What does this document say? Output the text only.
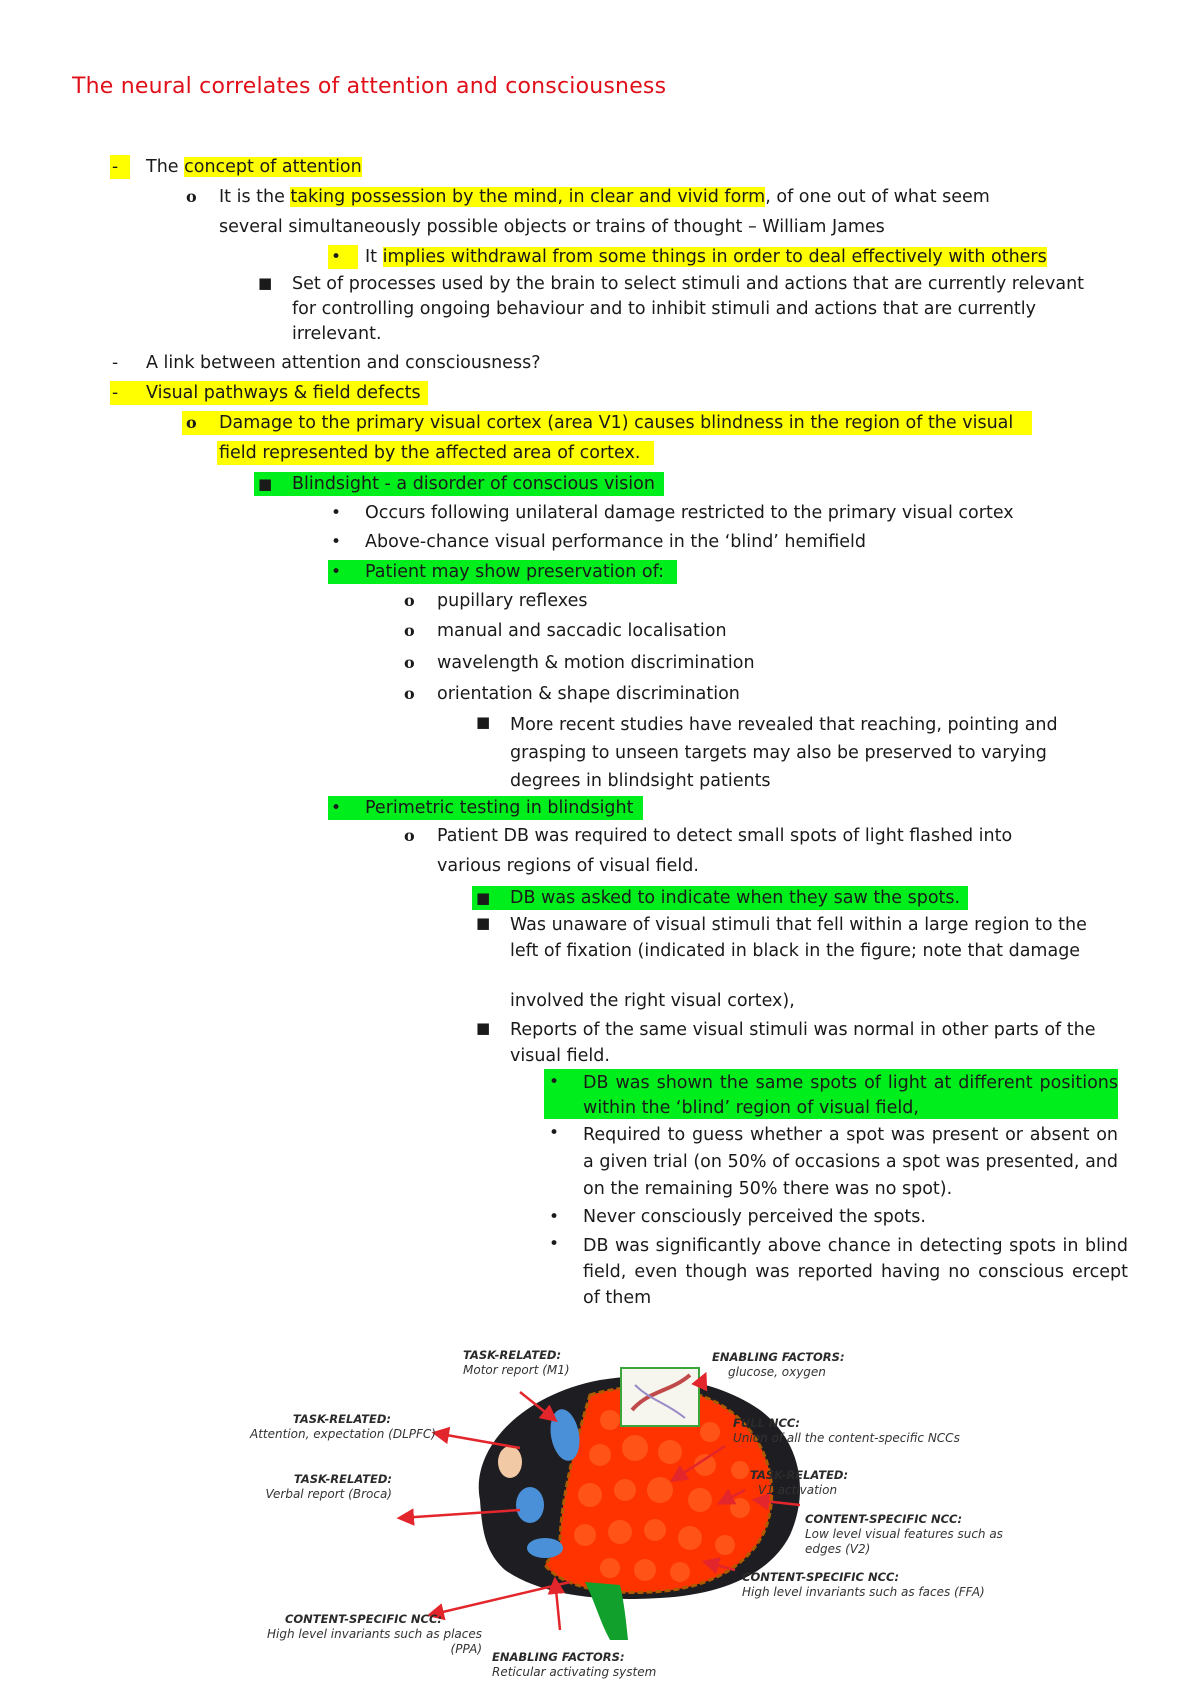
The neural correlates of attention and consciousness
- The concept of attention
o It is the taking possession by the mind, in clear and vivid form, of one out of what seem
several simultaneously possible objects or trains of thought – William James
• It implies withdrawal from some things in order to deal effectively with others
■ Set of processes used by the brain to select stimuli and actions that are currently relevant for controlling ongoing behaviour and to inhibit stimuli and actions that are currently irrelevant.
- A link between attention and consciousness?
- Visual pathways & field defects
o Damage to the primary visual cortex (area V1) causes blindness in the region of the visual
field represented by the affected area of cortex.
■ Blindsight - a disorder of conscious vision
• Occurs following unilateral damage restricted to the primary visual cortex
• Above-chance visual performance in the ‘blind’ hemifield
• Patient may show preservation of:
o pupillary reflexes
o manual and saccadic localisation
o wavelength & motion discrimination
o orientation & shape discrimination
■ More recent studies have revealed that reaching, pointing and grasping to unseen targets may also be preserved to varying degrees in blindsight patients
• Perimetric testing in blindsight
o Patient DB was required to detect small spots of light flashed into
various regions of visual field.
■ DB was asked to indicate when they saw the spots.
■ Was unaware of visual stimuli that fell within a large region to the left of fixation (indicated in black in the figure; note that damage
involved the right visual cortex),
■ Reports of the same visual stimuli was normal in other parts of the visual field.
• DB was shown the same spots of light at different positions within the ‘blind’ region of visual field,
• Required to guess whether a spot was present or absent on a given trial (on 50% of occasions a spot was presented, and on the remaining 50% there was no spot).
• Never consciously perceived the spots.
• DB was significantly above chance in detecting spots in blind field, even though was reported having no conscious ercept of them
TASK-RELATED:
Motor report (M1)
ENABLING FACTORS:
glucose, oxygen
TASK-RELATED:
Attention, expectation (DLPFC)
FULL NCC:
Union of all the content-specific NCCs
TASK-RELATED:
Verbal report (Broca)
TASK-RELATED:
V1 activation
CONTENT-SPECIFIC NCC:
Low level visual features such as
edges (V2)
CONTENT-SPECIFIC NCC:
High level invariants such as faces (FFA)
CONTENT-SPECIFIC NCC:
High level invariants such as places (PPA)
ENABLING FACTORS:
Reticular activating system
